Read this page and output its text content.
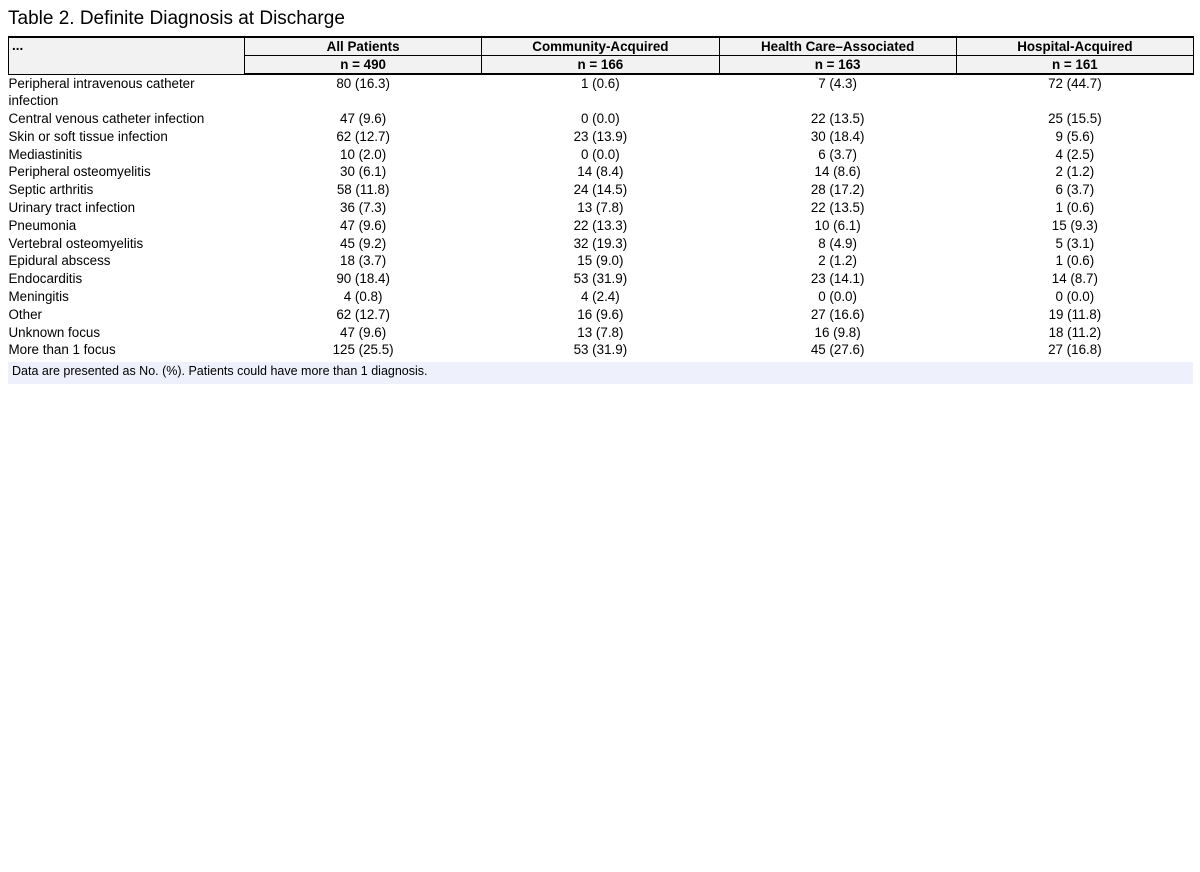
Table 2. Definite Diagnosis at Discharge
...	All Patients	Community-Acquired	Health Care–Associated	Hospital-Acquired
	n = 490	n = 166	n = 163	n = 161
Peripheral intravenous catheter infection	80 (16.3)	1 (0.6)	7 (4.3)	72 (44.7)
Central venous catheter infection	47 (9.6)	0 (0.0)	22 (13.5)	25 (15.5)
Skin or soft tissue infection	62 (12.7)	23 (13.9)	30 (18.4)	9 (5.6)
Mediastinitis	10 (2.0)	0 (0.0)	6 (3.7)	4 (2.5)
Peripheral osteomyelitis	30 (6.1)	14 (8.4)	14 (8.6)	2 (1.2)
Septic arthritis	58 (11.8)	24 (14.5)	28 (17.2)	6 (3.7)
Urinary tract infection	36 (7.3)	13 (7.8)	22 (13.5)	1 (0.6)
Pneumonia	47 (9.6)	22 (13.3)	10 (6.1)	15 (9.3)
Vertebral osteomyelitis	45 (9.2)	32 (19.3)	8 (4.9)	5 (3.1)
Epidural abscess	18 (3.7)	15 (9.0)	2 (1.2)	1 (0.6)
Endocarditis	90 (18.4)	53 (31.9)	23 (14.1)	14 (8.7)
Meningitis	4 (0.8)	4 (2.4)	0 (0.0)	0 (0.0)
Other	62 (12.7)	16 (9.6)	27 (16.6)	19 (11.8)
Unknown focus	47 (9.6)	13 (7.8)	16 (9.8)	18 (11.2)
More than 1 focus	125 (25.5)	53 (31.9)	45 (27.6)	27 (16.8)
Data are presented as No. (%). Patients could have more than 1 diagnosis.
